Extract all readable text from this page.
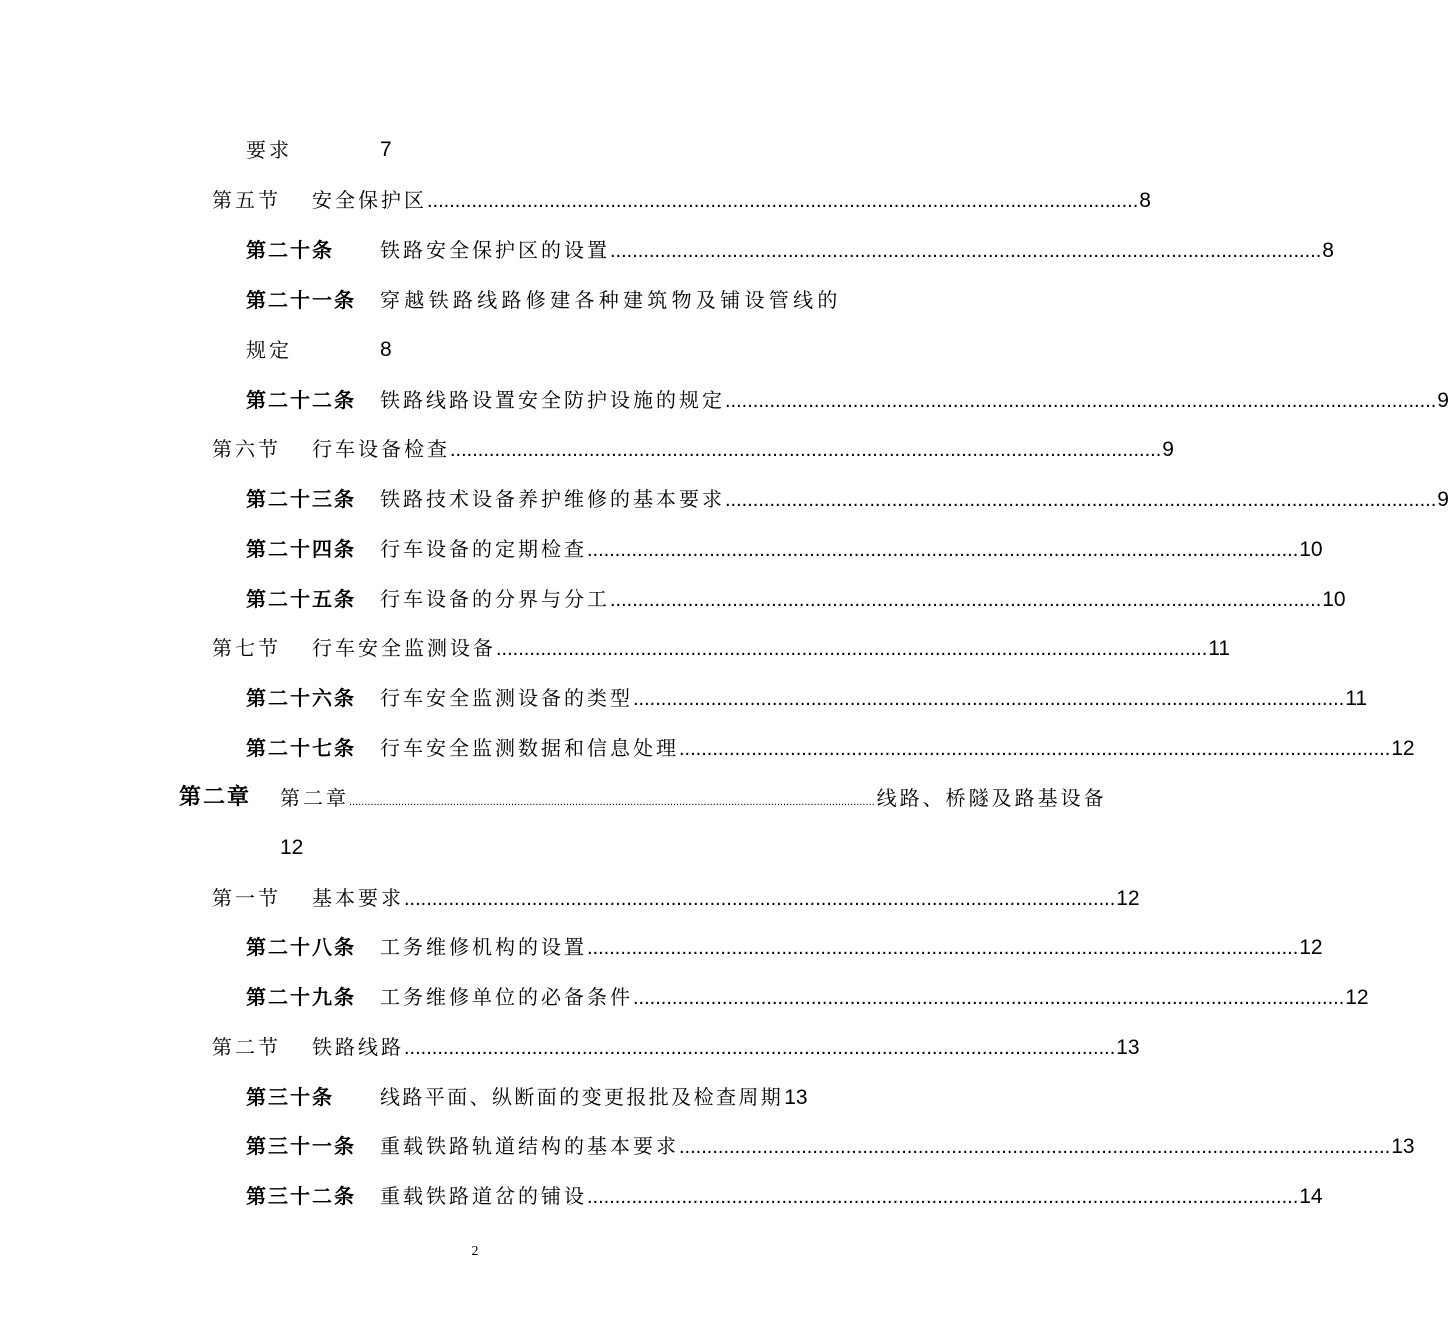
要求	7
第五节 安全保护区 ................................................................................................................................ 8
第二十条 铁路安全保护区的设置 ................................................................................................................................ 8
第二十一条 穿越铁路线路修建各种建筑物及铺设管线的
规定	8
第二十二条 铁路线路设置安全防护设施的规定 ................................................................................................................................ 9
第六节 行车设备检查 ................................................................................................................................ 9
第二十三条 铁路技术设备养护维修的基本要求 ................................................................................................................................ 9
第二十四条 行车设备的定期检查 ................................................................................................................................ 10
第二十五条 行车设备的分界与分工 ................................................................................................................................ 10
第七节 行车安全监测设备 ................................................................................................................................ 11
第二十六条 行车安全监测设备的类型 ................................................................................................................................ 11
第二十七条 行车安全监测数据和信息处理 ................................................................................................................................ 12
第二章 第二章 ............................................................................................................................................................................ 线路、桥隧及路基设备
12
第一节 基本要求 ................................................................................................................................ 12
第二十八条 工务维修机构的设置 ................................................................................................................................ 12
第二十九条 工务维修单位的必备条件 ................................................................................................................................ 12
第二节 铁路线路 ................................................................................................................................ 13
第三十条 线路平面、纵断面的变更报批及检查周期 13
第三十一条 重载铁路轨道结构的基本要求 ................................................................................................................................ 13
第三十二条 重载铁路道岔的铺设 ................................................................................................................................ 14
2
